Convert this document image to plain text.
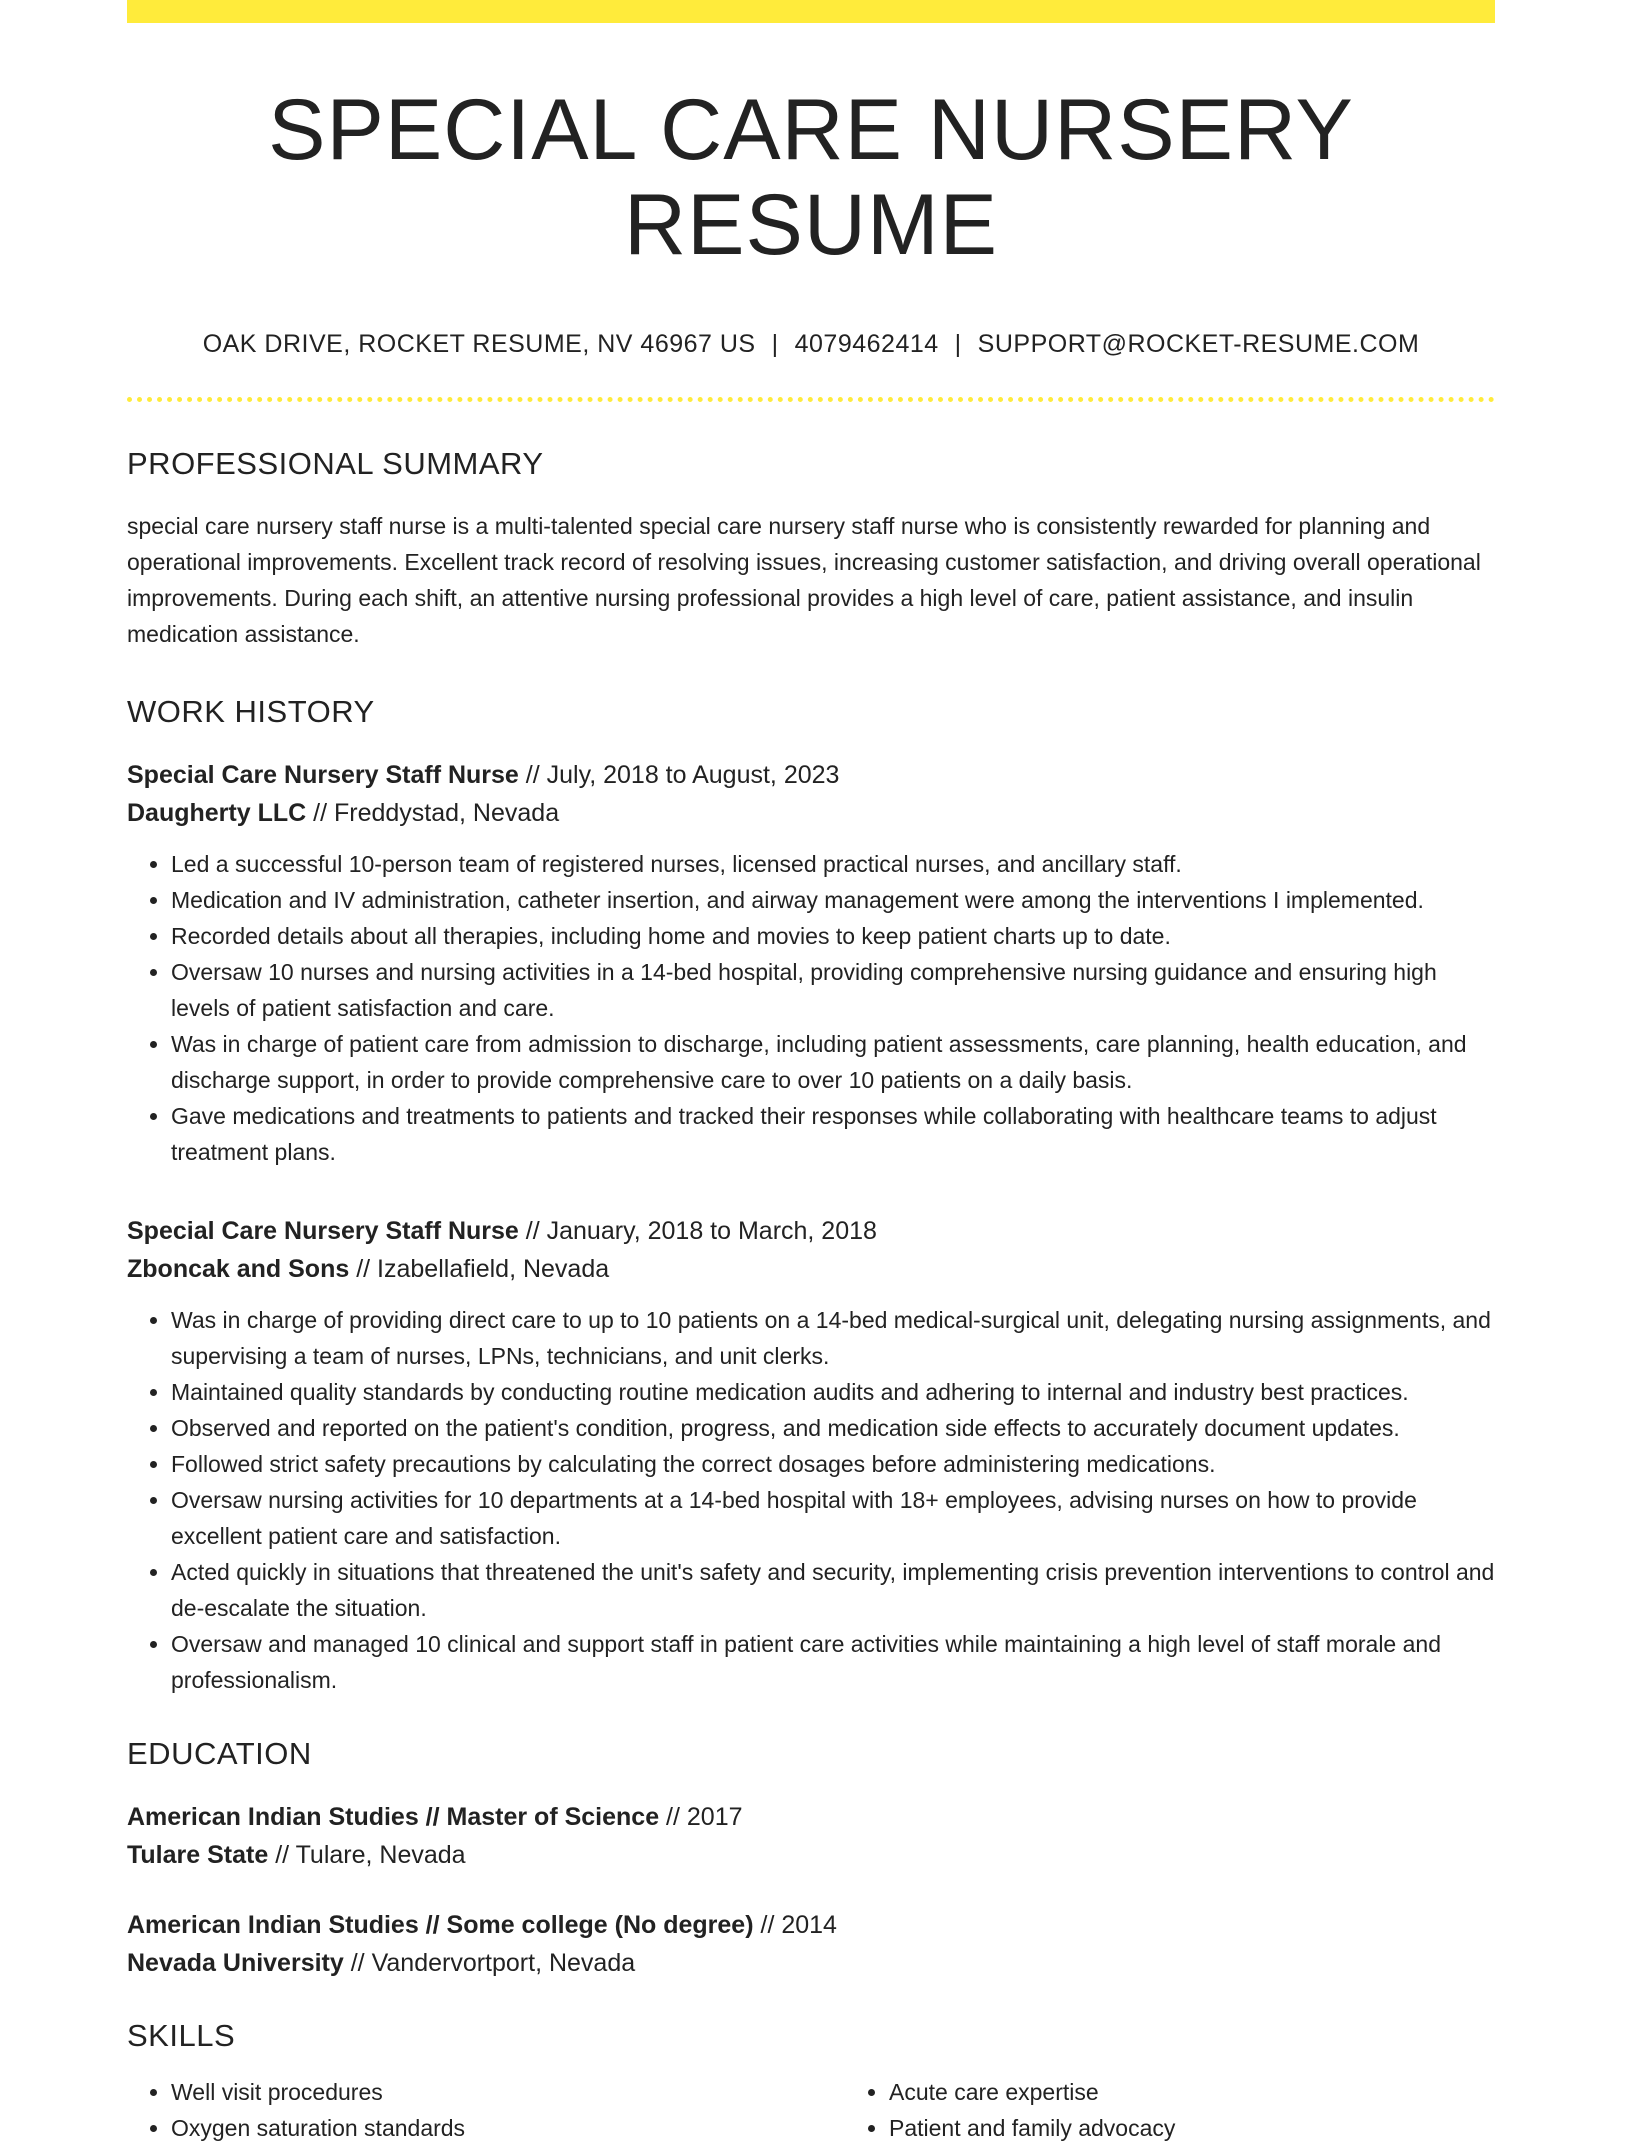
SPECIAL CARE NURSERY RESUME
OAK DRIVE, ROCKET RESUME, NV 46967 US | 4079462414 | SUPPORT@ROCKET-RESUME.COM
PROFESSIONAL SUMMARY

special care nursery staff nurse is a multi-talented special care nursery staff nurse who is consistently rewarded for planning and operational improvements. Excellent track record of resolving issues, increasing customer satisfaction, and driving overall operational improvements. During each shift, an attentive nursing professional provides a high level of care, patient assistance, and insulin medication assistance.

WORK HISTORY
Special Care Nursery Staff Nurse // July, 2018 to August, 2023
Daugherty LLC // Freddystad, Nevada
• Led a successful 10-person team of registered nurses, licensed practical nurses, and ancillary staff.
• Medication and IV administration, catheter insertion, and airway management were among the interventions I implemented.
• Recorded details about all therapies, including home and movies to keep patient charts up to date.
• Oversaw 10 nurses and nursing activities in a 14-bed hospital, providing comprehensive nursing guidance and ensuring high levels of patient satisfaction and care.
• Was in charge of patient care from admission to discharge, including patient assessments, care planning, health education, and discharge support, in order to provide comprehensive care to over 10 patients on a daily basis.
• Gave medications and treatments to patients and tracked their responses while collaborating with healthcare teams to adjust treatment plans.
Special Care Nursery Staff Nurse // January, 2018 to March, 2018
Zboncak and Sons // Izabellafield, Nevada
• Was in charge of providing direct care to up to 10 patients on a 14-bed medical-surgical unit, delegating nursing assignments, and supervising a team of nurses, LPNs, technicians, and unit clerks.
• Maintained quality standards by conducting routine medication audits and adhering to internal and industry best practices.
• Observed and reported on the patient's condition, progress, and medication side effects to accurately document updates.
• Followed strict safety precautions by calculating the correct dosages before administering medications.
• Oversaw nursing activities for 10 departments at a 14-bed hospital with 18+ employees, advising nurses on how to provide excellent patient care and satisfaction.
• Acted quickly in situations that threatened the unit's safety and security, implementing crisis prevention interventions to control and de-escalate the situation.
• Oversaw and managed 10 clinical and support staff in patient care activities while maintaining a high level of staff morale and professionalism.
EDUCATION
American Indian Studies // Master of Science // 2017
Tulare State // Tulare, Nevada
American Indian Studies // Some college (No degree) // 2014
Nevada University // Vandervortport, Nevada
SKILLS
• Well visit procedures
• Oxygen saturation standards
• Acute care expertise
• Patient and family advocacy
